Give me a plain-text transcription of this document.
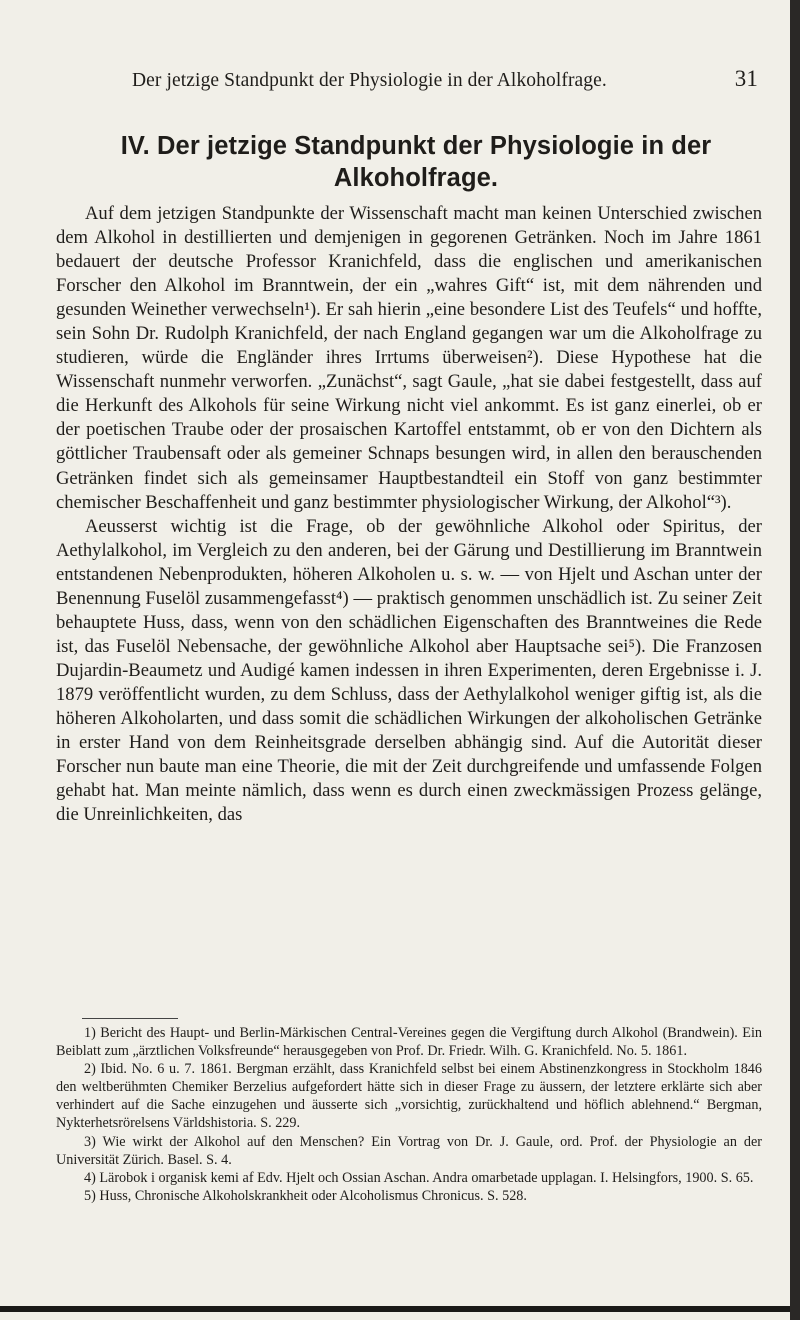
Der jetzige Standpunkt der Physiologie in der Alkoholfrage.	31
IV. Der jetzige Standpunkt der Physiologie in der Alkoholfrage.

Auf dem jetzigen Standpunkte der Wissenschaft macht man keinen Unterschied zwischen dem Alkohol in destillierten und demjenigen in gegorenen Getränken. Noch im Jahre 1861 bedauert der deutsche Professor Kranichfeld, dass die englischen und amerikanischen Forscher den Alkohol im Branntwein, der ein „wahres Gift“ ist, mit dem nährenden und gesunden Weinether verwechseln¹). Er sah hierin „eine besondere List des Teufels“ und hoffte, sein Sohn Dr. Rudolph Kranichfeld, der nach England gegangen war um die Alkoholfrage zu studieren, würde die Engländer ihres Irrtums überweisen²). Diese Hypothese hat die Wissenschaft nunmehr verworfen. „Zunächst“, sagt Gaule, „hat sie dabei festgestellt, dass auf die Herkunft des Alkohols für seine Wirkung nicht viel ankommt. Es ist ganz einerlei, ob er der poetischen Traube oder der prosaischen Kartoffel entstammt, ob er von den Dichtern als göttlicher Traubensaft oder als gemeiner Schnaps besungen wird, in allen den berauschenden Getränken findet sich als gemeinsamer Hauptbestandteil ein Stoff von ganz bestimmter chemischer Beschaffenheit und ganz bestimmter physiologischer Wirkung, der Alkohol“³).

Aeusserst wichtig ist die Frage, ob der gewöhnliche Alkohol oder Spiritus, der Aethylalkohol, im Vergleich zu den anderen, bei der Gärung und Destillierung im Branntwein entstandenen Nebenprodukten, höheren Alkoholen u. s. w. — von Hjelt und Aschan unter der Benennung Fuselöl zusammengefasst⁴) — praktisch genommen unschädlich ist. Zu seiner Zeit behauptete Huss, dass, wenn von den schädlichen Eigenschaften des Branntweines die Rede ist, das Fuselöl Nebensache, der gewöhnliche Alkohol aber Hauptsache sei⁵). Die Franzosen Dujardin-Beaumetz und Audigé kamen indessen in ihren Experimenten, deren Ergebnisse i. J. 1879 veröffentlicht wurden, zu dem Schluss, dass der Aethylalkohol weniger giftig ist, als die höheren Alkoholarten, und dass somit die schädlichen Wirkungen der alkoholischen Getränke in erster Hand von dem Reinheitsgrade derselben abhängig sind. Auf die Autorität dieser Forscher nun baute man eine Theorie, die mit der Zeit durchgreifende und umfassende Folgen gehabt hat. Man meinte nämlich, dass wenn es durch einen zweckmässigen Prozess gelänge, die Unreinlichkeiten, das

1) Bericht des Haupt- und Berlin-Märkischen Central-Vereines gegen die Vergiftung durch Alkohol (Brandwein). Ein Beiblatt zum „ärztlichen Volksfreunde“ herausgegeben von Prof. Dr. Friedr. Wilh. G. Kranichfeld. No. 5. 1861.

2) Ibid. No. 6 u. 7. 1861. Bergman erzählt, dass Kranichfeld selbst bei einem Abstinenzkongress in Stockholm 1846 den weltberühmten Chemiker Berzelius aufgefordert hätte sich in dieser Frage zu äussern, der letztere erklärte sich aber verhindert auf die Sache einzugehen und äusserte sich „vorsichtig, zurückhaltend und höflich ablehnend.“ Bergman, Nykterhetsrörelsens Världshistoria. S. 229.

3) Wie wirkt der Alkohol auf den Menschen? Ein Vortrag von Dr. J. Gaule, ord. Prof. der Physiologie an der Universität Zürich. Basel. S. 4.

4) Lärobok i organisk kemi af Edv. Hjelt och Ossian Aschan. Andra omarbetade upplagan. I. Helsingfors, 1900. S. 65.

5) Huss, Chronische Alkoholskrankheit oder Alcoholismus Chronicus. S. 528.
